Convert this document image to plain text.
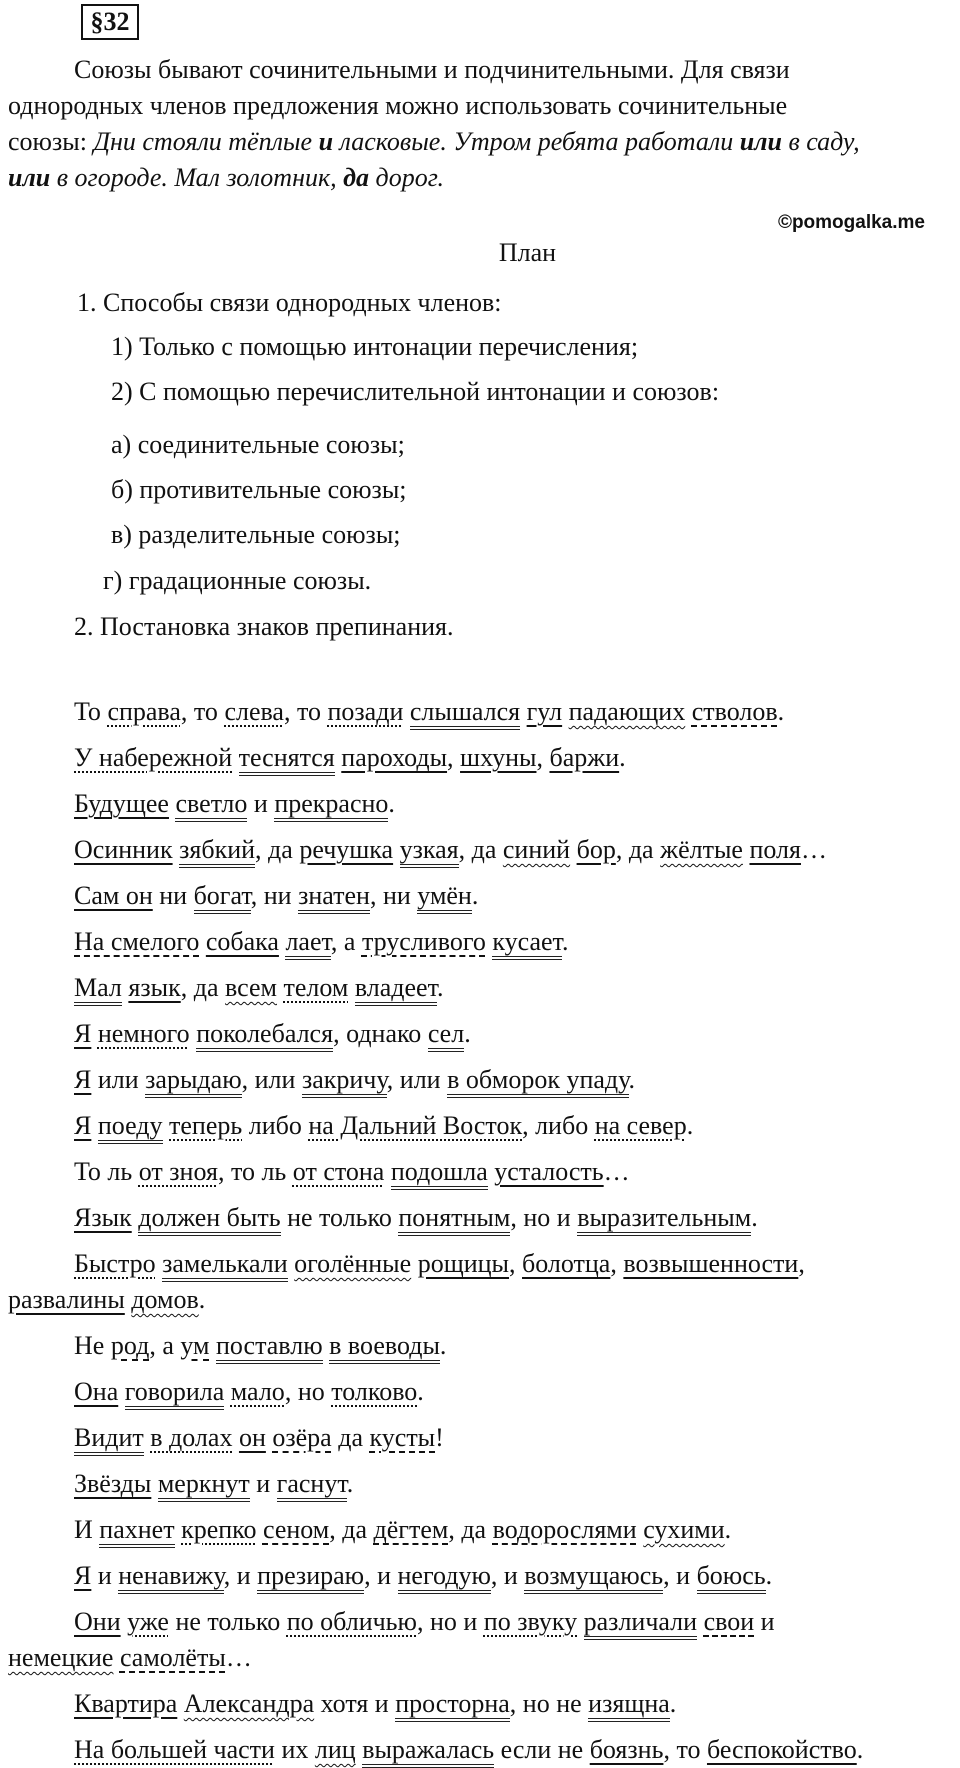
§32

Союзы бывают сочинительными и подчинительными. Для связи

однородных членов предложения можно использовать сочинительные

союзы: Дни стояли тёплые и ласковые. Утром ребята работали или в саду,

или в огороде. Мал золотник, да дорог.

©pomogalka.me
План
1. Способы связи однородных членов:
1) Только с помощью интонации перечисления;
2) С помощью перечислительной интонации и союзов:
а) соединительные союзы;
б) противительные союзы;
в) разделительные союзы;
г) градационные союзы.
2. Постановка знаков препинания.
То справа, то слева, то позади слышался гул падающих стволов.
У набережной теснятся пароходы, шхуны, баржи.
Будущее светло и прекрасно.
Осинник зябкий, да речушка узкая, да синий бор, да жёлтые поля…
Сам он ни богат, ни знатен, ни умён.
На смелого собака лает, а трусливого кусает.
Мал язык, да всем телом владеет.
Я немного поколебался, однако сел.
Я или зарыдаю, или закричу, или в обморок упаду.
Я поеду теперь либо на Дальний Восток, либо на север.
То ль от зноя, то ль от стона подошла усталость…
Язык должен быть не только понятным, но и выразительным.
Быстро замелькали оголённые рощицы, болотца, возвышенности,
развалины домов.
Не род, а ум поставлю в воеводы.
Она говорила мало, но толково.
Видит в долах он озёра да кусты!
Звёзды меркнут и гаснут.
И пахнет крепко сеном, да дёгтем, да водорослями сухими.
Я и ненавижу, и презираю, и негодую, и возмущаюсь, и боюсь.
Они уже не только по обличью, но и по звуку различали свои и
немецкие самолёты…
Квартира Александра хотя и просторна, но не изящна.
На большей части их лиц выражалась если не боязнь, то беспокойство.
